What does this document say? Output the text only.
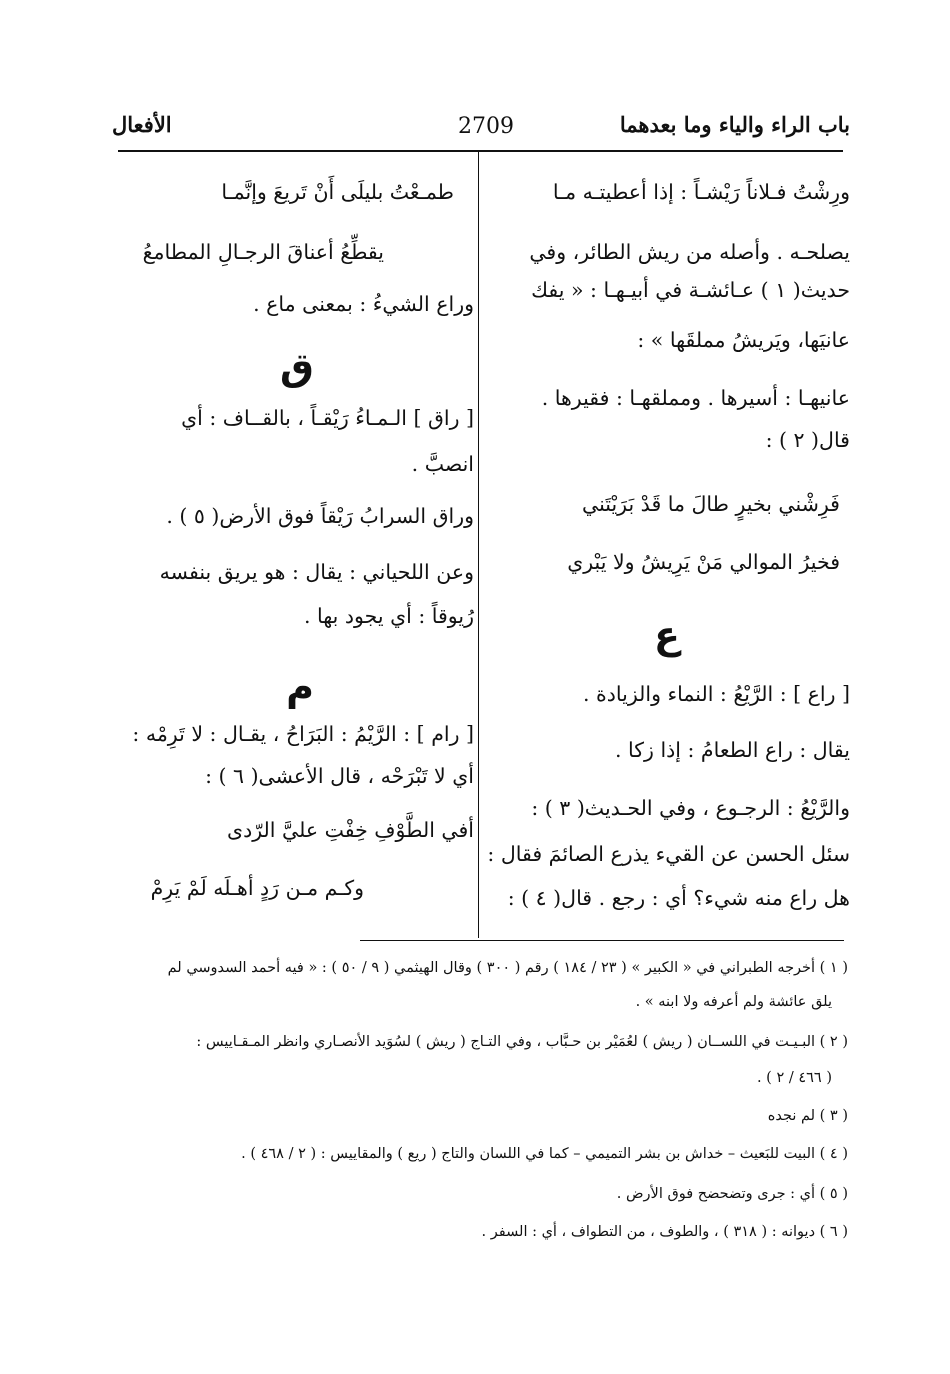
باب الراء والياء وما بعدهما
2709
الأفعال

ورِشْتُ فـلاناً رَيْشـاً : إذا أعطيتـه مـا

يصلحـه . وأصله من ريش الطائر، وفي

حديث( ١ ) عـائشـة في أبيـهـا : « يفك

عانيَها، ويَريشُ مملقَها » :

عانيهـا : أسيرها . ومملقهـا : فقيرها .

قال( ٢ ) :

فَرِشْني بخيرٍ طالَ ما قَدْ بَرَيْتَني

فخيرُ الموالي مَنْ يَرِيشُ ولا يَبْري

ع

[ راع ] : الرَّيْعُ : النماء والزيادة .

يقال : راع الطعامُ : إذا زكا .

والرَّيْعُ : الرجـوع ، وفي الحـديث( ٣ ) :

سئل الحسن عن القيء يذرع الصائمَ فقال :

هل راع منه شيء؟ أي : رجع . قال( ٤ ) :

طمـعْتُ بليلَى أَنْ تَريعَ وإنَّمـا

يقطِّعُ أعناقَ الرجـالِ المطامعُ

وراع الشيءُ : بمعنى ماع .

ق

[ راق ] الـمـاءُ رَيْقـاً ، بالقــاف : أي

انصبَّ .

وراق السرابُ رَيْقاً فوق الأرض( ٥ ) .

وعن اللحياني : يقال : هو يريق بنفسه

رُيوقاً : أي يجود بها .

م

[ رام ] : الرَّيْمُ : البَرَاحُ ، يقـال : لا تَرِمْه :

أي لا تَبْرَحْه ، قال الأعشى( ٦ ) :

أفي الطَّوْفِ خِفْتِ عليَّ الرّدى

وكـم مـن رَدٍ أهـلَه لَمْ يَرِمْ

( ١ ) أخرجه الطبراني في « الكبير » ( ٢٣ / ١٨٤ ) رقم ( ٣٠٠ ) وقال الهيثمي ( ٩ / ٥٠ ) : « فيه أحمد السدوسي لم
يلق عائشة ولم أعرفه ولا ابنه » .
( ٢ ) البـيـت في اللســان ( ريش ) لعُمَيْر بن حـبَّاب ، وفي التـاج ( ريش ) لسُوَيد الأنصـاري وانظر المـقـاييس :
( ٤٦٦ / ٢ ) .
( ٣ ) لم نجده
( ٤ ) البيت للبَعيث – خداش بن بشر التميمي – كما في اللسان والتاج ( ريع ) والمقاييس : ( ٢ / ٤٦٨ ) .
( ٥ ) أي : جرى وتضحضح فوق الأرض .
( ٦ ) ديوانه : ( ٣١٨ ) ، والطوف ، من التطواف ، أي : السفر .
